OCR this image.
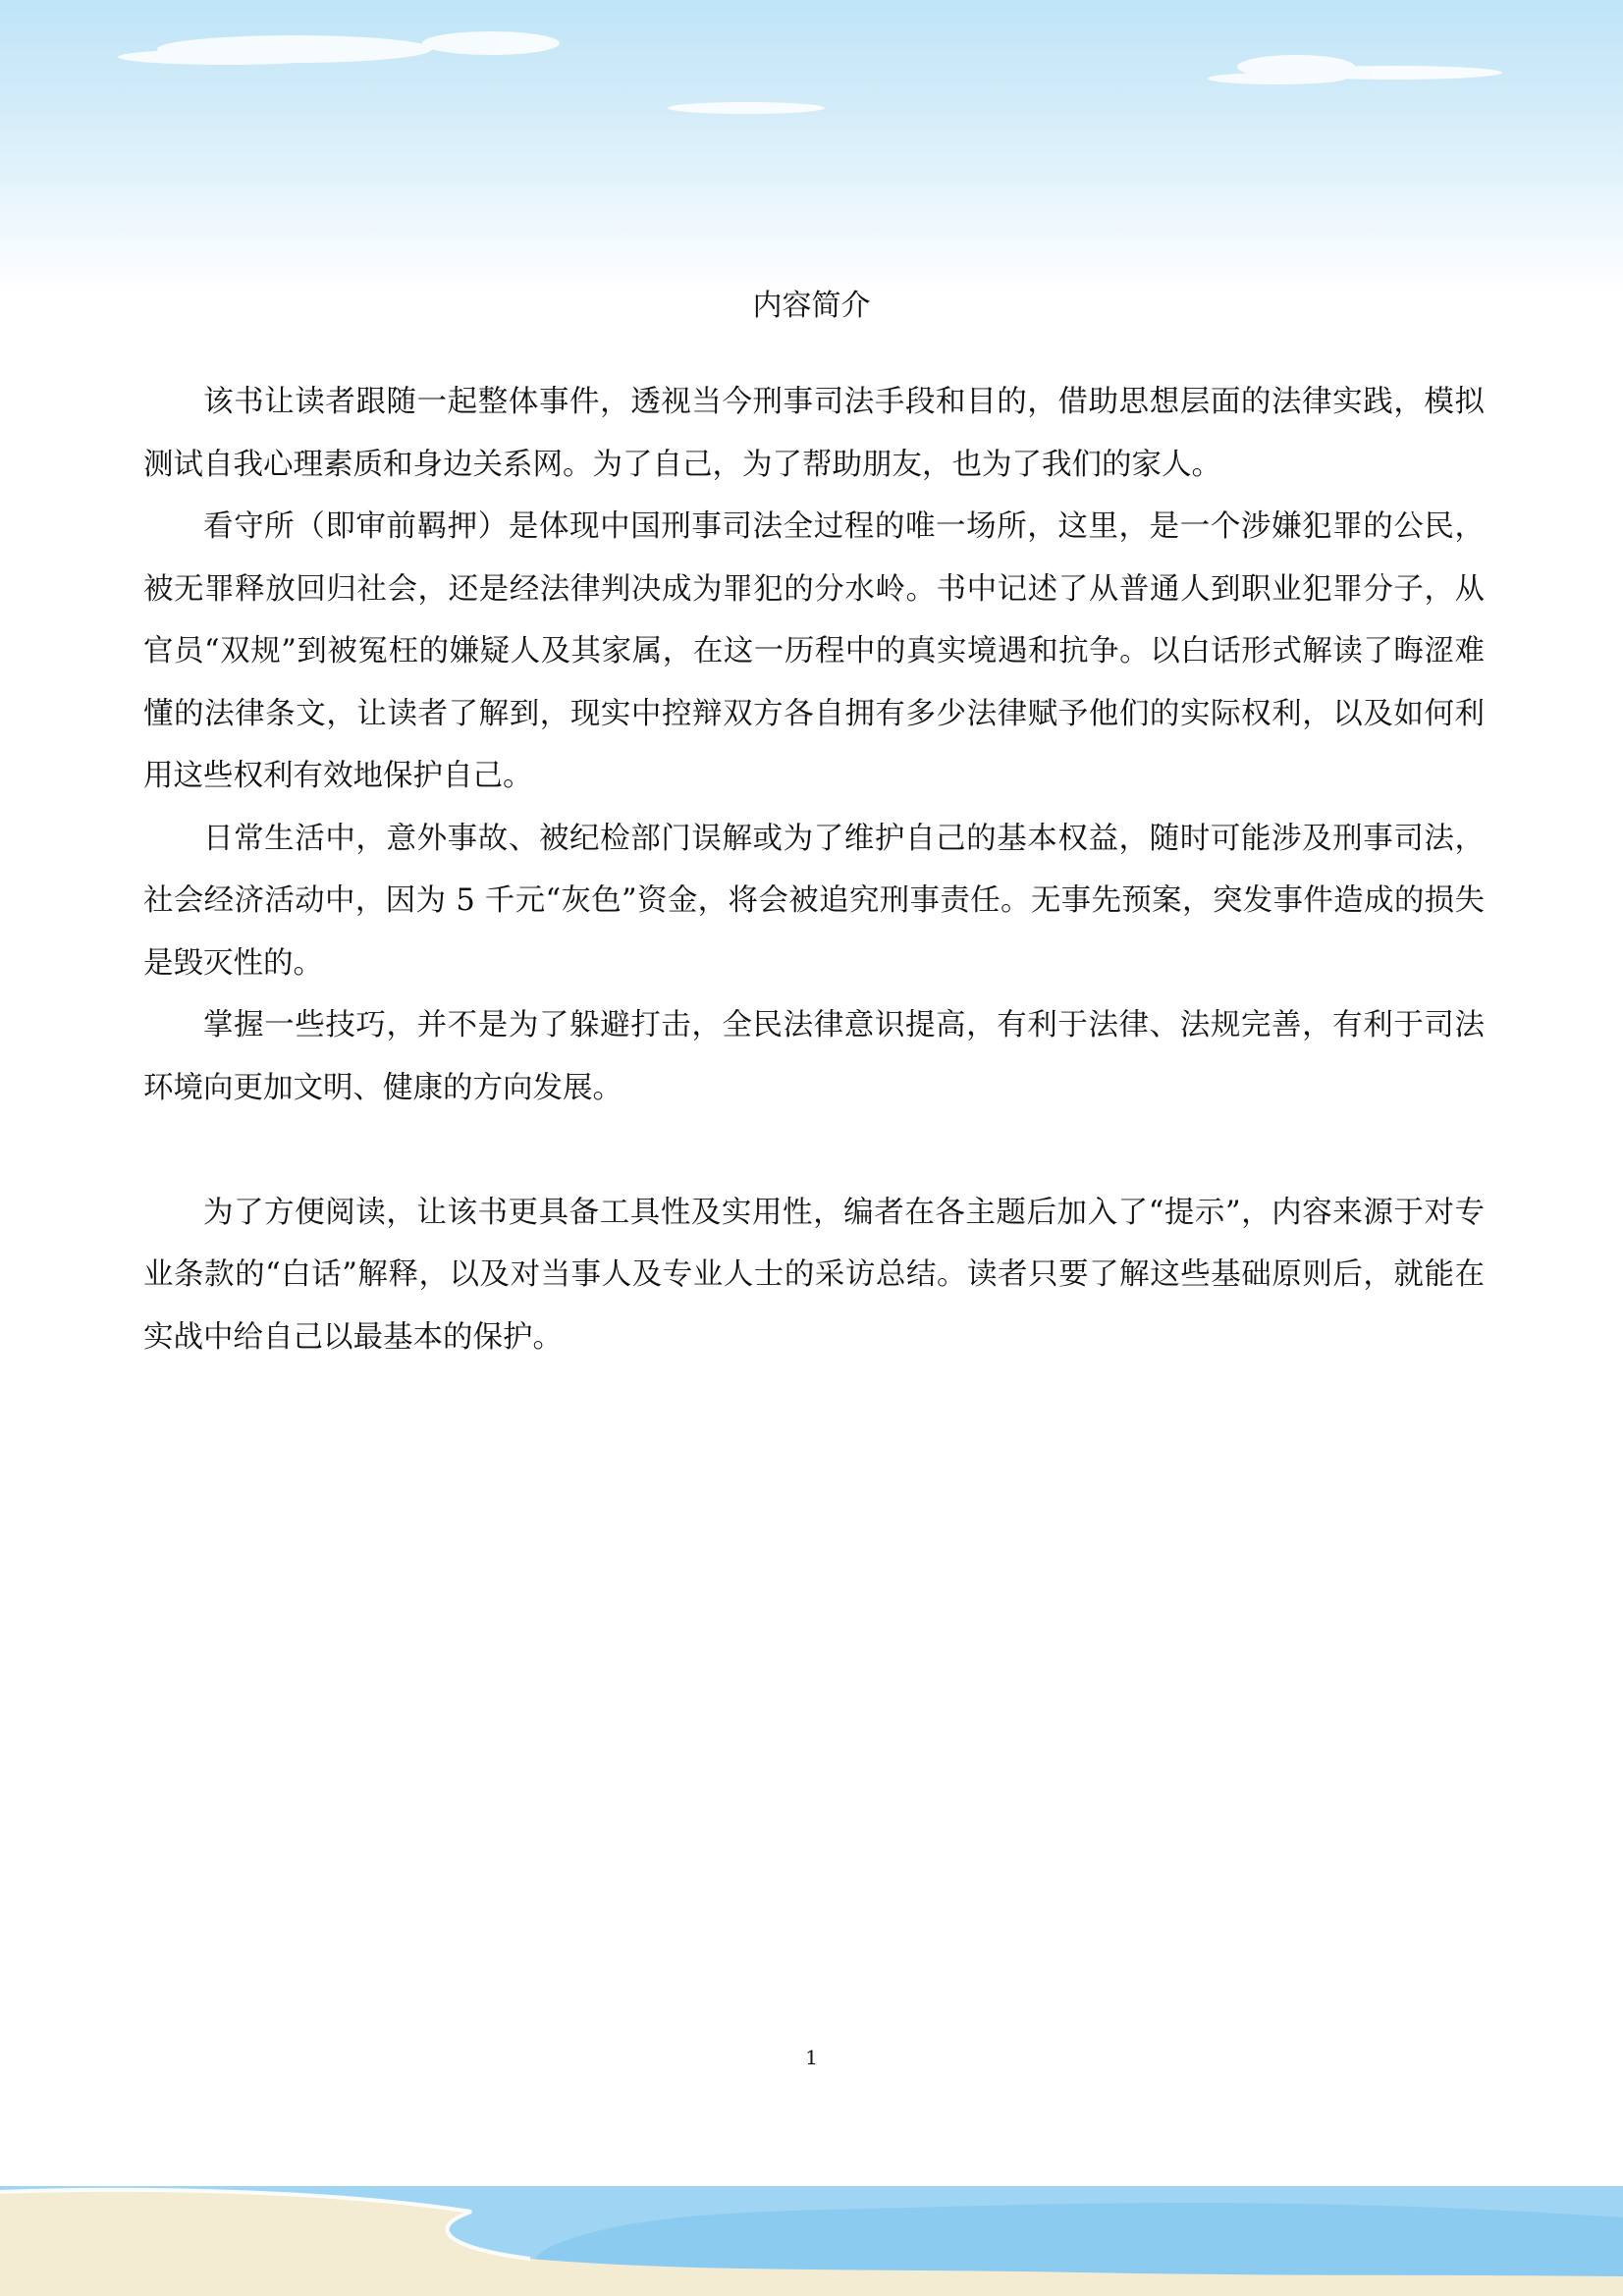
内容简介

该书让读者跟随一起整体事件，透视当今刑事司法手段和目的，借助思想层面的法律实践，模拟测试自我心理素质和身边关系网。为了自己，为了帮助朋友，也为了我们的家人。

看守所（即审前羁押）是体现中国刑事司法全过程的唯一场所，这里，是一个涉嫌犯罪的公民，被无罪释放回归社会，还是经法律判决成为罪犯的分水岭。书中记述了从普通人到职业犯罪分子，从官员“双规”到被冤枉的嫌疑人及其家属，在这一历程中的真实境遇和抗争。以白话形式解读了晦涩难懂的法律条文，让读者了解到，现实中控辩双方各自拥有多少法律赋予他们的实际权利，以及如何利用这些权利有效地保护自己。

日常生活中，意外事故、被纪检部门误解或为了维护自己的基本权益，随时可能涉及刑事司法，社会经济活动中，因为 5 千元“灰色”资金，将会被追究刑事责任。无事先预案，突发事件造成的损失是毁灭性的。

掌握一些技巧，并不是为了躲避打击，全民法律意识提高，有利于法律、法规完善，有利于司法环境向更加文明、健康的方向发展。

为了方便阅读，让该书更具备工具性及实用性，编者在各主题后加入了“提示”，内容来源于对专业条款的“白话”解释，以及对当事人及专业人士的采访总结。读者只要了解这些基础原则后，就能在实战中给自己以最基本的保护。

1
